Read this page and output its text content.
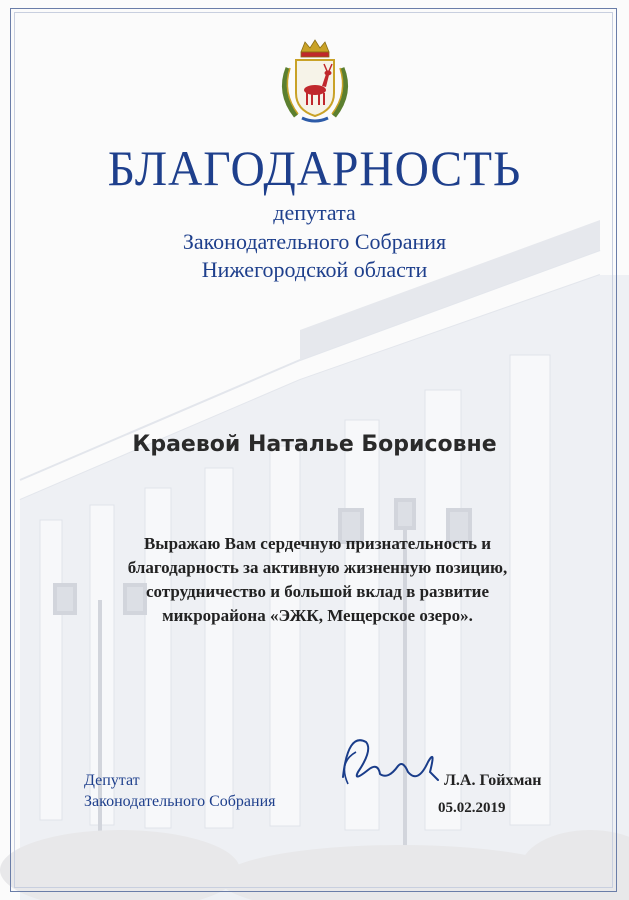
БЛАГОДАРНОСТЬ
депутата
Законодательного Собрания
Нижегородской области
Краевой Наталье Борисовне
Выражаю Вам сердечную признательность и
благодарность за активную жизненную позицию,
сотрудничество и большой вклад в развитие
микрорайона «ЭЖК, Мещерское озеро».
Депутат
Законодательного Собрания
Л.А. Гойхман
05.02.2019
